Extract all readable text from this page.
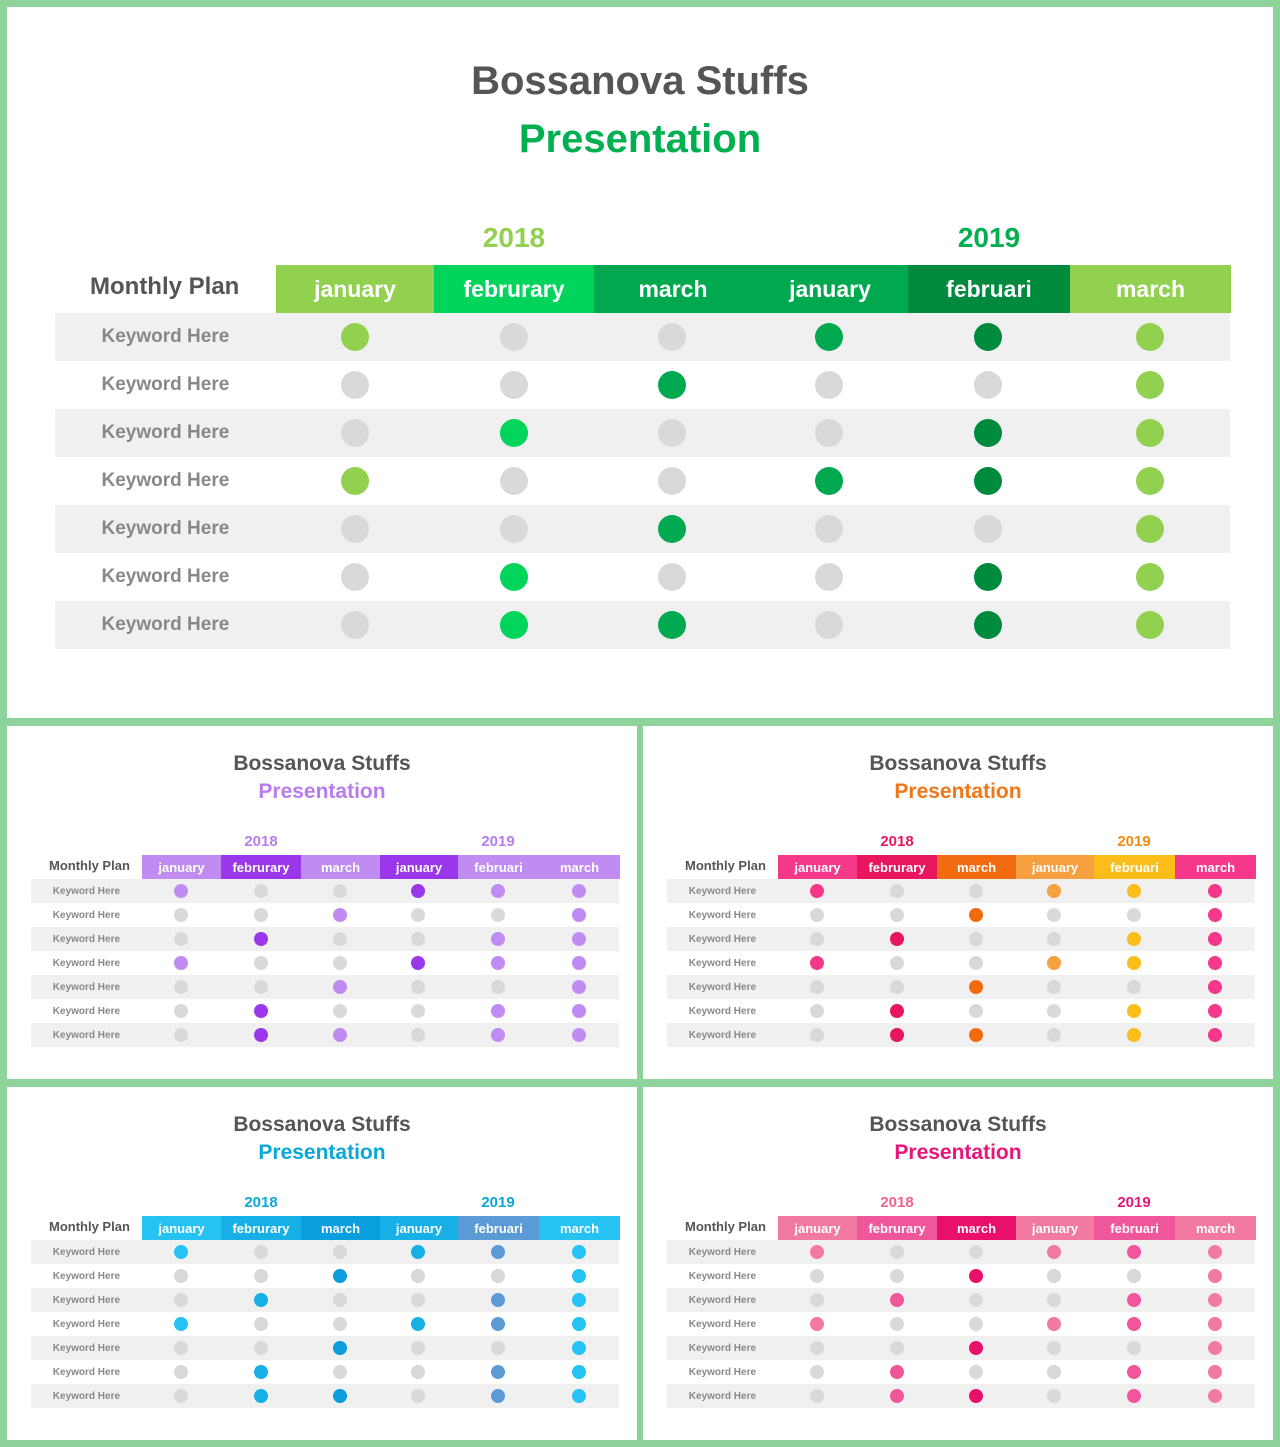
Bossanova Stuffs
Presentation
2018	2019
Monthly Plan	january	februrary	march	january	februari	march
Keyword Here
Keyword Here
Keyword Here
Keyword Here
Keyword Here
Keyword Here
Keyword Here
Bossanova Stuffs
Presentation
2018	2019
Monthly Plan	january	februrary	march	january	februari	march
Keyword Here
Keyword Here
Keyword Here
Keyword Here
Keyword Here
Keyword Here
Keyword Here
Bossanova Stuffs
Presentation
2018	2019
Monthly Plan	january	februrary	march	january	februari	march
Keyword Here
Keyword Here
Keyword Here
Keyword Here
Keyword Here
Keyword Here
Keyword Here
Bossanova Stuffs
Presentation
2018	2019
Monthly Plan	january	februrary	march	january	februari	march
Keyword Here
Keyword Here
Keyword Here
Keyword Here
Keyword Here
Keyword Here
Keyword Here
Bossanova Stuffs
Presentation
2018	2019
Monthly Plan	january	februrary	march	january	februari	march
Keyword Here
Keyword Here
Keyword Here
Keyword Here
Keyword Here
Keyword Here
Keyword Here
